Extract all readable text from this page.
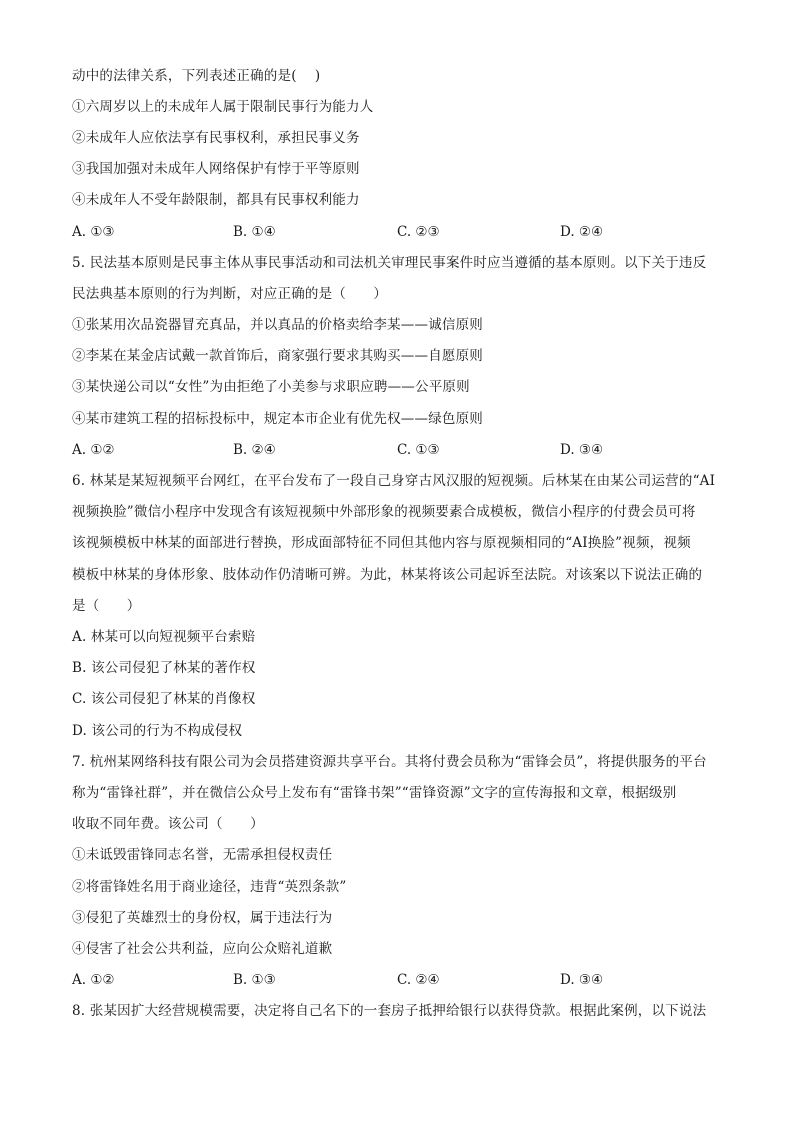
动中的法律关系，下列表述正确的是(　 )
①六周岁以上的未成年人属于限制民事行为能力人
②未成年人应依法享有民事权利，承担民事义务
③我国加强对未成年人网络保护有悖于平等原则
④未成年人不受年龄限制，都具有民事权利能力
A. ①③	B. ①④	C. ②③	D. ②④
5. 民法基本原则是民事主体从事民事活动和司法机关审理民事案件时应当遵循的基本原则。以下关于违反
民法典基本原则的行为判断，对应正确的是（　　）
①张某用次品瓷器冒充真品，并以真品的价格卖给李某——诚信原则
②李某在某金店试戴一款首饰后，商家强行要求其购买——自愿原则
③某快递公司以“女性”为由拒绝了小美参与求职应聘——公平原则
④某市建筑工程的招标投标中，规定本市企业有优先权——绿色原则
A. ①②	B. ②④	C. ①③	D. ③④
6. 林某是某短视频平台网红，在平台发布了一段自己身穿古风汉服的短视频。后林某在由某公司运营的“AI
视频换脸”微信小程序中发现含有该短视频中外部形象的视频要素合成模板，微信小程序的付费会员可将
该视频模板中林某的面部进行替换，形成面部特征不同但其他内容与原视频相同的“AI换脸”视频，视频
模板中林某的身体形象、肢体动作仍清晰可辨。为此，林某将该公司起诉至法院。对该案以下说法正确的
是（　　）
A. 林某可以向短视频平台索赔
B. 该公司侵犯了林某的著作权
C. 该公司侵犯了林某的肖像权
D. 该公司的行为不构成侵权
7. 杭州某网络科技有限公司为会员搭建资源共享平台。其将付费会员称为“雷锋会员”，将提供服务的平台
称为“雷锋社群”，并在微信公众号上发布有“雷锋书架”“雷锋资源”文字的宣传海报和文章，根据级别
收取不同年费。该公司（　　）
①未诋毁雷锋同志名誉，无需承担侵权责任
②将雷锋姓名用于商业途径，违背“英烈条款”
③侵犯了英雄烈士的身份权，属于违法行为
④侵害了社会公共利益，应向公众赔礼道歉
A. ①②	B. ①③	C. ②④	D. ③④
8. 张某因扩大经营规模需要，决定将自己名下的一套房子抵押给银行以获得贷款。根据此案例，以下说法
